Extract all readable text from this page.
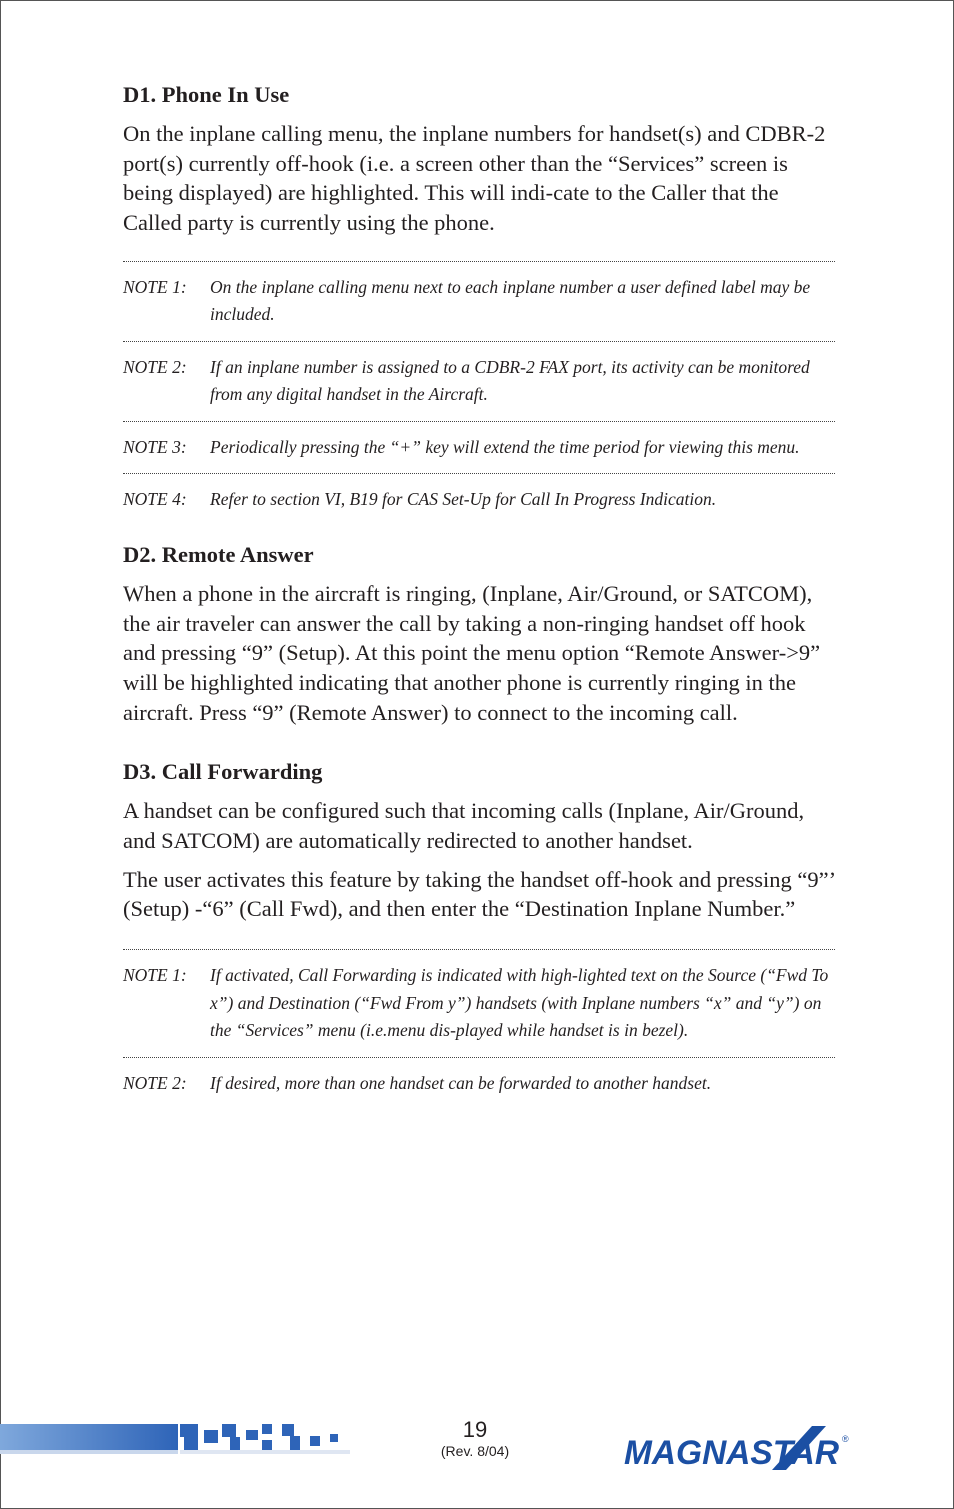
D1. Phone In Use

On the inplane calling menu, the inplane numbers for handset(s) and CDBR-2 port(s) currently off-hook (i.e. a screen other than the “Services” screen is being displayed) are highlighted. This will indi-cate to the Caller that the Called party is currently using the phone.

NOTE 1:	On the inplane calling menu next to each inplane number a user defined label may be included.
NOTE 2:	If an inplane number is assigned to a CDBR-2 FAX port, its activity can be monitored from any digital handset in the Aircraft.
NOTE 3:	Periodically pressing the “+” key will extend the time period for viewing this menu.
NOTE 4:	Refer to section VI, B19 for CAS Set-Up for Call In Progress Indication.
D2. Remote Answer

When a phone in the aircraft is ringing, (Inplane, Air/Ground, or SATCOM), the air traveler can answer the call by taking a non-ringing handset off hook and pressing “9” (Setup). At this point the menu option “Remote Answer->9” will be highlighted indicating that another phone is currently ringing in the aircraft. Press “9” (Remote Answer) to connect to the incoming call.

D3. Call Forwarding

A handset can be configured such that incoming calls (Inplane, Air/Ground, and SATCOM) are automatically redirected to another handset.

The user activates this feature by taking the handset off-hook and pressing “9”’ (Setup) -“6” (Call Fwd), and then enter the “Destination Inplane Number.”

NOTE 1:	If activated, Call Forwarding is indicated with high-lighted text on the Source (“Fwd To x”) and Destination (“Fwd From y”) handsets (with Inplane numbers “x” and “y”) on the “Services” menu (i.e.menu dis-played while handset is in bezel).
NOTE 2:	If desired, more than one handset can be forwarded to another handset.
19
(Rev. 8/04)	MAGNASTAR ®
